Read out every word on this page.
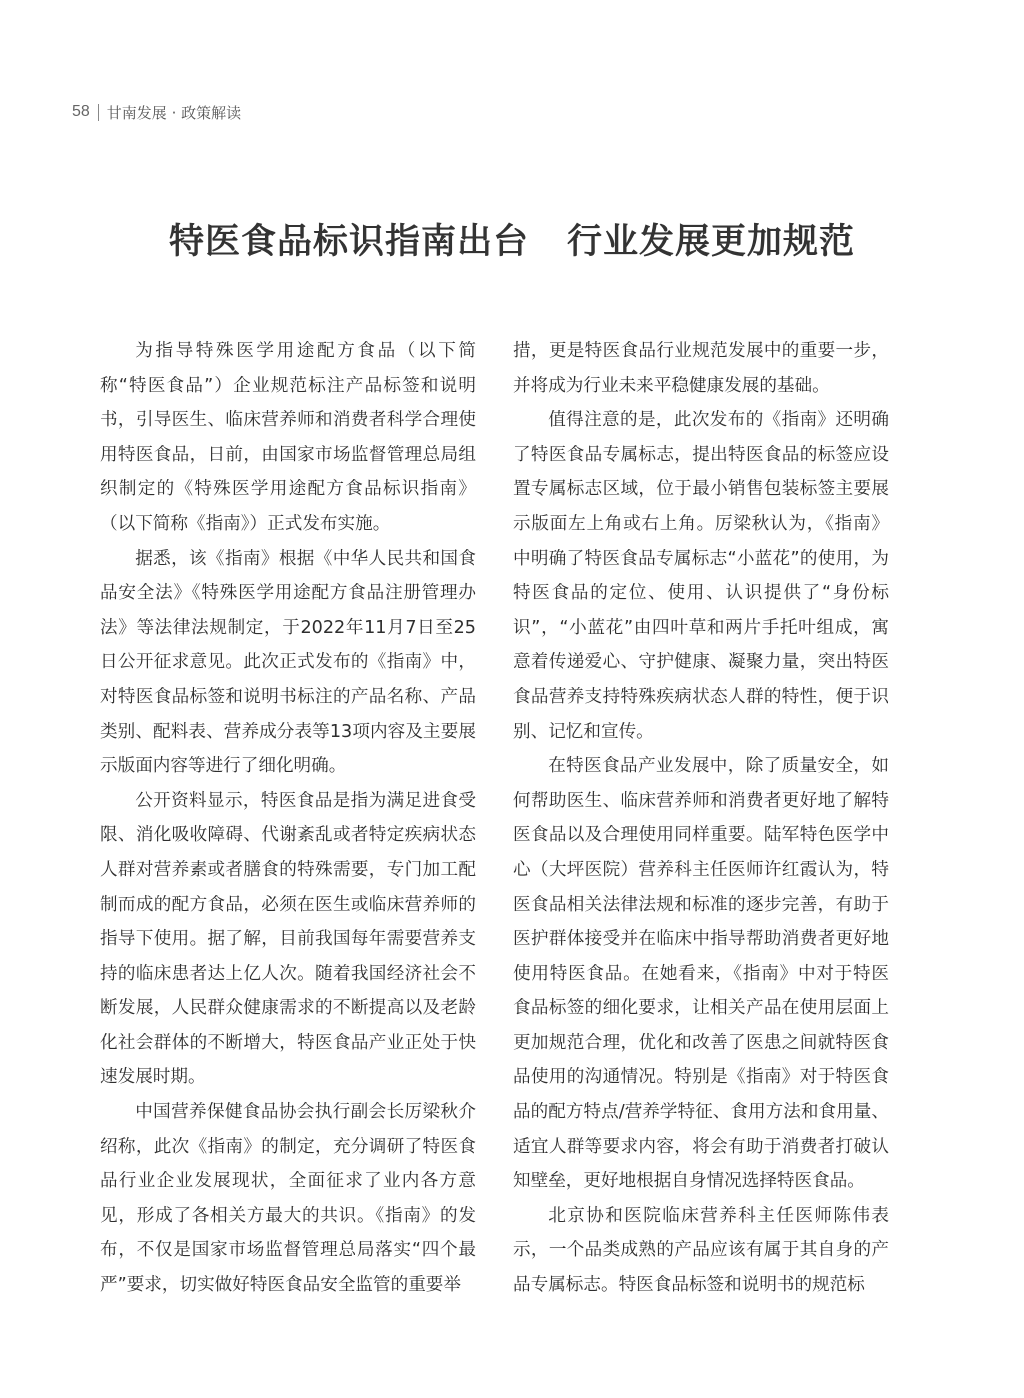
58 甘南发展 · 政策解读
特医食品标识指南出台 行业发展更加规范

为指导特殊医学用途配方食品（以下简称“特医食品”）企业规范标注产品标签和说明书，引导医生、临床营养师和消费者科学合理使用特医食品，日前，由国家市场监督管理总局组织制定的《特殊医学用途配方食品标识指南》（以下简称《指南》）正式发布实施。

据悉，该《指南》根据《中华人民共和国食品安全法》《特殊医学用途配方食品注册管理办法》等法律法规制定，于2022年11月7日至25日公开征求意见。此次正式发布的《指南》中，对特医食品标签和说明书标注的产品名称、产品类别、配料表、营养成分表等13项内容及主要展示版面内容等进行了细化明确。

公开资料显示，特医食品是指为满足进食受限、消化吸收障碍、代谢紊乱或者特定疾病状态人群对营养素或者膳食的特殊需要，专门加工配制而成的配方食品，必须在医生或临床营养师的指导下使用。据了解，目前我国每年需要营养支持的临床患者达上亿人次。随着我国经济社会不断发展，人民群众健康需求的不断提高以及老龄化社会群体的不断增大，特医食品产业正处于快速发展时期。

中国营养保健食品协会执行副会长厉梁秋介绍称，此次《指南》的制定，充分调研了特医食品行业企业发展现状，全面征求了业内各方意见，形成了各相关方最大的共识。《指南》的发布，不仅是国家市场监督管理总局落实“四个最严”要求，切实做好特医食品安全监管的重要举

措，更是特医食品行业规范发展中的重要一步，并将成为行业未来平稳健康发展的基础。

值得注意的是，此次发布的《指南》还明确了特医食品专属标志，提出特医食品的标签应设置专属标志区域，位于最小销售包装标签主要展示版面左上角或右上角。厉梁秋认为，《指南》中明确了特医食品专属标志“小蓝花”的使用，为特医食品的定位、使用、认识提供了“身份标识”，“小蓝花”由四叶草和两片手托叶组成，寓意着传递爱心、守护健康、凝聚力量，突出特医食品营养支持特殊疾病状态人群的特性，便于识别、记忆和宣传。

在特医食品产业发展中，除了质量安全，如何帮助医生、临床营养师和消费者更好地了解特医食品以及合理使用同样重要。陆军特色医学中心（大坪医院）营养科主任医师许红霞认为，特医食品相关法律法规和标准的逐步完善，有助于医护群体接受并在临床中指导帮助消费者更好地使用特医食品。在她看来，《指南》中对于特医食品标签的细化要求，让相关产品在使用层面上更加规范合理，优化和改善了医患之间就特医食品使用的沟通情况。特别是《指南》对于特医食品的配方特点/营养学特征、食用方法和食用量、适宜人群等要求内容，将会有助于消费者打破认知壁垒，更好地根据自身情况选择特医食品。

北京协和医院临床营养科主任医师陈伟表示，一个品类成熟的产品应该有属于其自身的产品专属标志。特医食品标签和说明书的规范标
